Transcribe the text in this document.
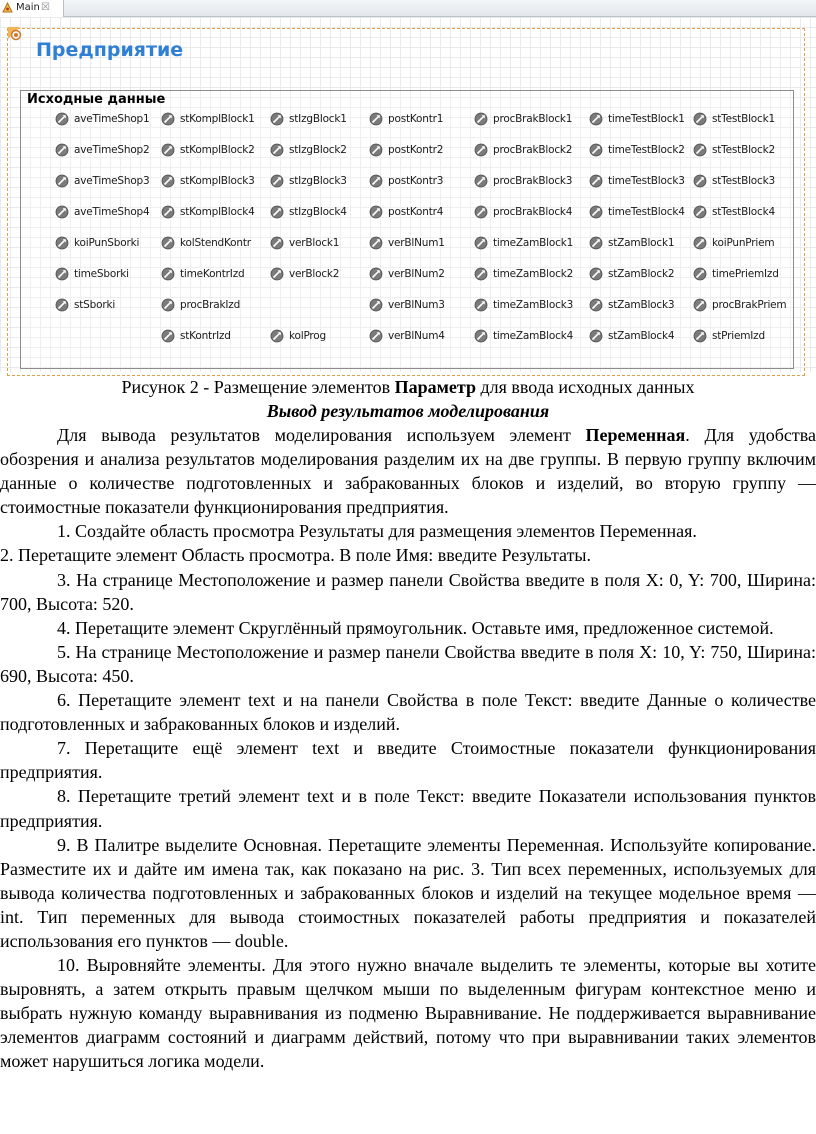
Main ☒
Предприятие
Исходные данные
aveTimeShop1
aveTimeShop2
aveTimeShop3
aveTimeShop4
koiPunSborki
timeSborki
stSborki
stKomplBlock1
stKomplBlock2
stKomplBlock3
stKomplBlock4
kolStendKontr
timeKontrIzd
procBrakIzd
stKontrIzd
stIzgBlock1
stIzgBlock2
stIzgBlock3
stIzgBlock4
verBlock1
verBlock2
kolProg
postKontr1
postKontr2
postKontr3
postKontr4
verBlNum1
verBlNum2
verBlNum3
verBlNum4
procBrakBlock1
procBrakBlock2
procBrakBlock3
procBrakBlock4
timeZamBlock1
timeZamBlock2
timeZamBlock3
timeZamBlock4
timeTestBlock1
timeTestBlock2
timeTestBlock3
timeTestBlock4
stZamBlock1
stZamBlock2
stZamBlock3
stZamBlock4
stTestBlock1
stTestBlock2
stTestBlock3
stTestBlock4
koiPunPriem
timePriemIzd
procBrakPriem
stPriemIzd

Рисунок 2 - Размещение элементов Параметр для ввода исходных данных

Вывод результатов моделирования

Для вывода результатов моделирования используем элемент Переменная. Для удобства обозрения и анализа результатов моделирования разделим их на две группы. В первую группу включим данные о количестве подготовленных и забракованных блоков и изделий, во вторую группу — стоимостные показатели функционирования предприятия.

1. Создайте область просмотра Результаты для размещения элементов Переменная.

2. Перетащите элемент Область просмотра. В поле Имя: введите Результаты.

3. На странице Местоположение и размер панели Свойства введите в поля X: 0, Y: 700, Ширина: 700, Высота: 520.

4. Перетащите элемент Скруглённый прямоугольник. Оставьте имя, предложенное системой.

5. На странице Местоположение и размер панели Свойства введите в поля X: 10, Y: 750, Ширина: 690, Высота: 450.

6. Перетащите элемент text и на панели Свойства в поле Текст: введите Данные о количестве подготовленных и забракованных блоков и изделий.

7. Перетащите ещё элемент text и введите Стоимостные показатели функционирования предприятия.

8. Перетащите третий элемент text и в поле Текст: введите Показатели использования пунктов предприятия.

9. В Палитре выделите Основная. Перетащите элементы Переменная. Используйте копирование. Разместите их и дайте им имена так, как показано на рис. 3. Тип всех переменных, используемых для вывода количества подготовленных и забракованных блоков и изделий на текущее модельное время — int. Тип переменных для вывода стоимостных показателей работы предприятия и показателей использования его пунктов — double.

10. Выровняйте элементы. Для этого нужно вначале выделить те элементы, которые вы хотите выровнять, а затем открыть правым щелчком мыши по выделенным фигурам контекстное меню и выбрать нужную команду выравнивания из подменю Выравнивание. Не поддерживается выравнивание элементов диаграмм состояний и диаграмм действий, потому что при выравнивании таких элементов может нарушиться логика модели.
